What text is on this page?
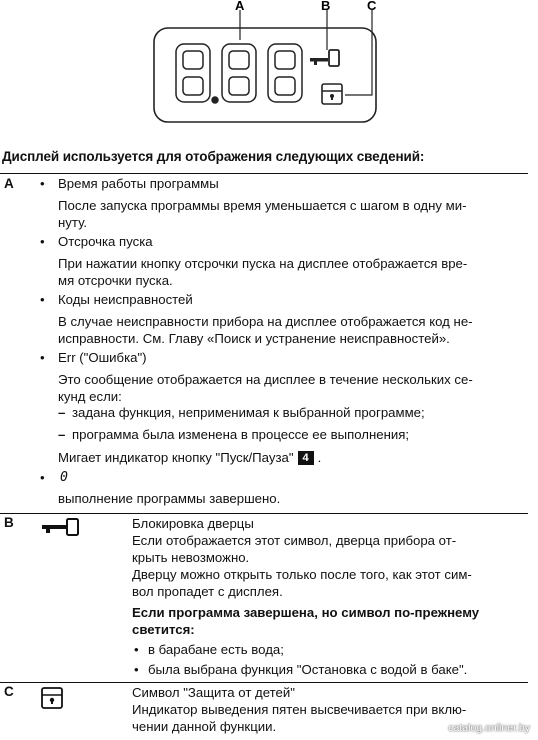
A	B	C
Дисплей используется для отображения следующих сведений:
A • Время работы программы
После запуска программы время уменьшается с шагом в одну ми-
нуту.
• Отсрочка пуска
При нажатии кнопку отсрочки пуска на дисплее отображается вре-
мя отсрочки пуска.
• Коды неисправностей
В случае неисправности прибора на дисплее отображается код не-
исправности. См. Главу «Поиск и устранение неисправностей».
• Err ("Ошибка")
Это сообщение отображается на дисплее в течение нескольких се-
кунд если:
– задана функция, неприменимая к выбранной программе;
– программа была изменена в процессе ее выполнения;
Мигает индикатор кнопку "Пуск/Пауза" 4 .
• 0
выполнение программы завершено.
B	Блокировка дверцы
Если отображается этот символ, дверца прибора от-
крыть невозможно.
Дверцу можно открыть только после того, как этот сим-
вол пропадет с дисплея.
Если программа завершена, но символ по-прежнему
светится:
• в барабане есть вода;
• была выбрана функция "Остановка с водой в баке".
C	Символ "Защита от детей"
Индикатор выведения пятен высвечивается при вклю-
чении данной функции.	catalog.onliner.by
